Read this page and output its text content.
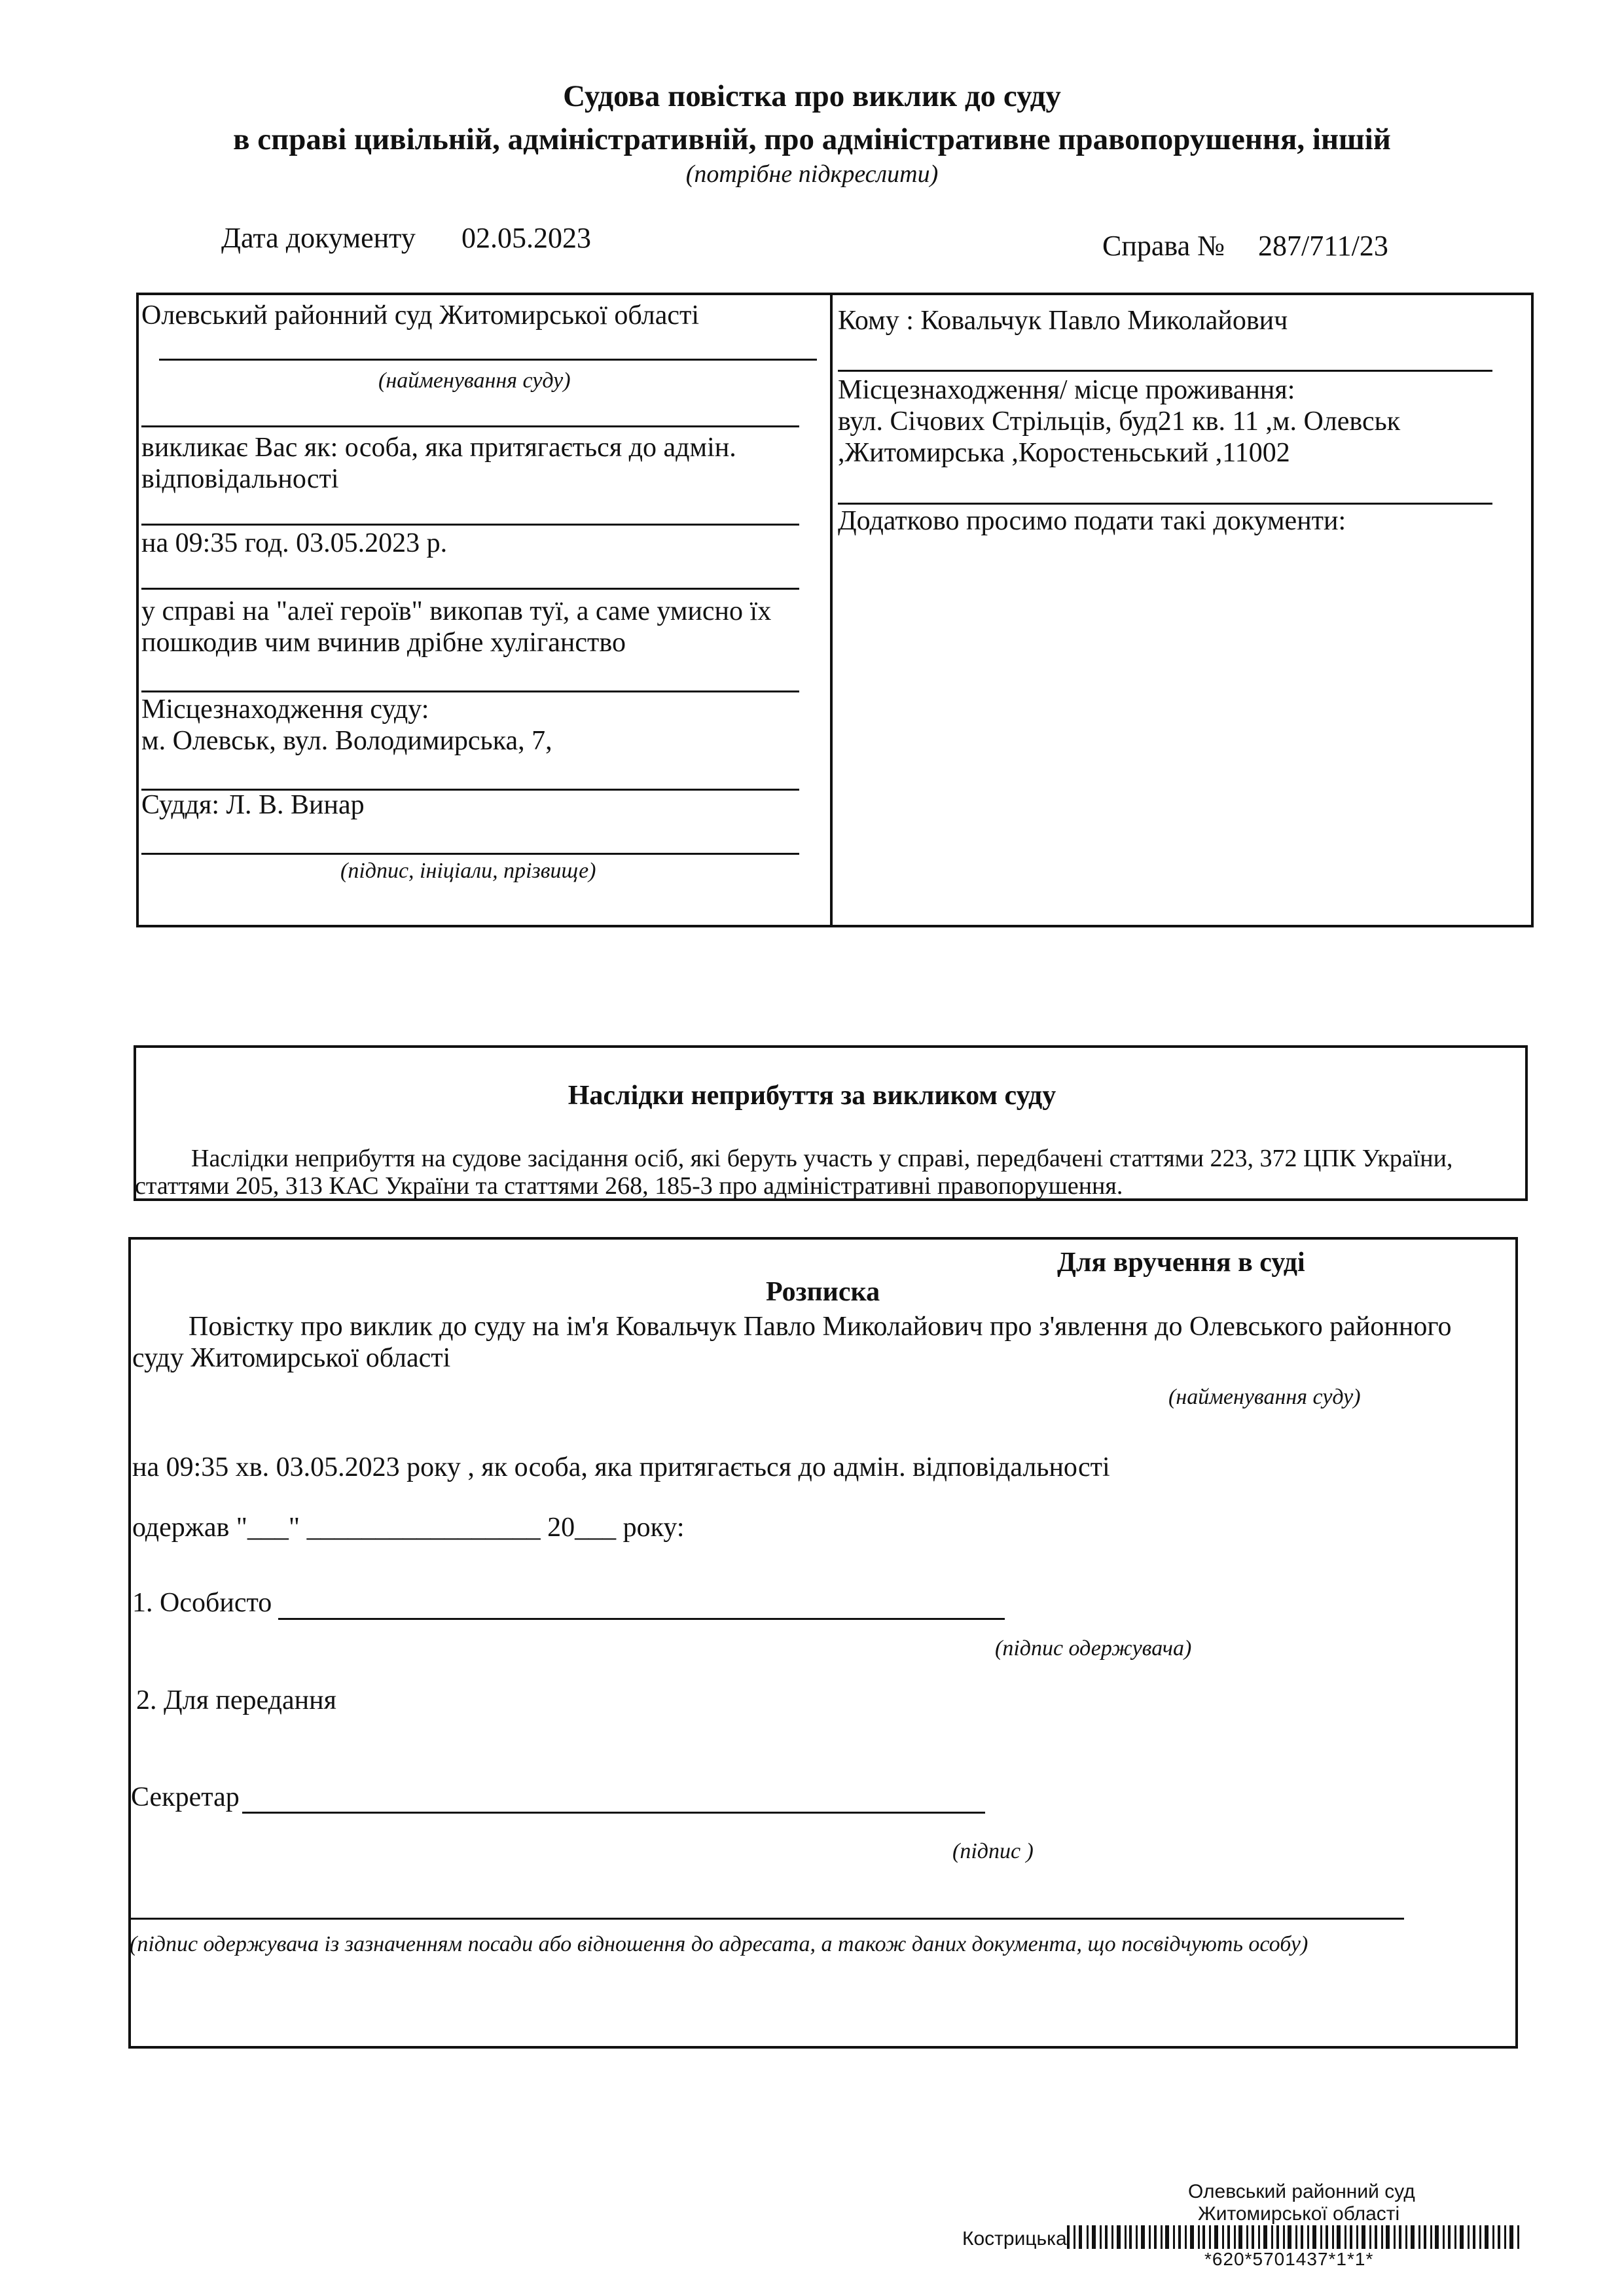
Судова повістка про виклик до суду
в справі цивільній, адміністративній, про адміністративне правопорушення, іншій
(потрібне підкреслити)
Дата документу 02.05.2023	Справа № 287/711/23
Олевський районний суд Житомирської області
(найменування суду)
викликає Вас як: особа, яка притягається до адмін.
відповідальності
на 09:35 год. 03.05.2023 р.
у справі на "алеї героїв" викопав туї, а саме умисно їх
пошкодив чим вчинив дрібне хуліганство
Місцезнаходження суду:
м. Олевськ, вул. Володимирська, 7,
Суддя: Л. В. Винар
(підпис, ініціали, прізвище)
Кому : Ковальчук Павло Миколайович
Місцезнаходження/ місце проживання:
вул. Січових Стрільців, буд21 кв. 11 ,м. Олевськ
,Житомирська ,Коростеньський ,11002
Додатково просимо подати такі документи:
Наслідки неприбуття за викликом суду
Наслідки неприбуття на судове засідання осіб, які беруть участь у справі, передбачені статтями 223, 372 ЦПК України,
статтями 205, 313 КАС України та статтями 268, 185-3 про адміністративні правопорушення.
Для вручення в суді
Розписка
Повістку про виклик до суду на ім'я Ковальчук Павло Миколайович про з'явлення до Олевського районного
суду Житомирської області
(найменування суду)
на 09:35 хв. 03.05.2023 року , як особа, яка притягається до адмін. відповідальності
одержав "___" _________________ 20___ року:
1. Особисто
(підпис одержувача)
2. Для передання
Секретар
(підпис )
(підпис одержувача із зазначенням посади або відношення до адресата, а також даних документа, що посвідчують особу)
Олевський районний суд
Житомирської області
Кострицька
*620*5701437*1*1*
